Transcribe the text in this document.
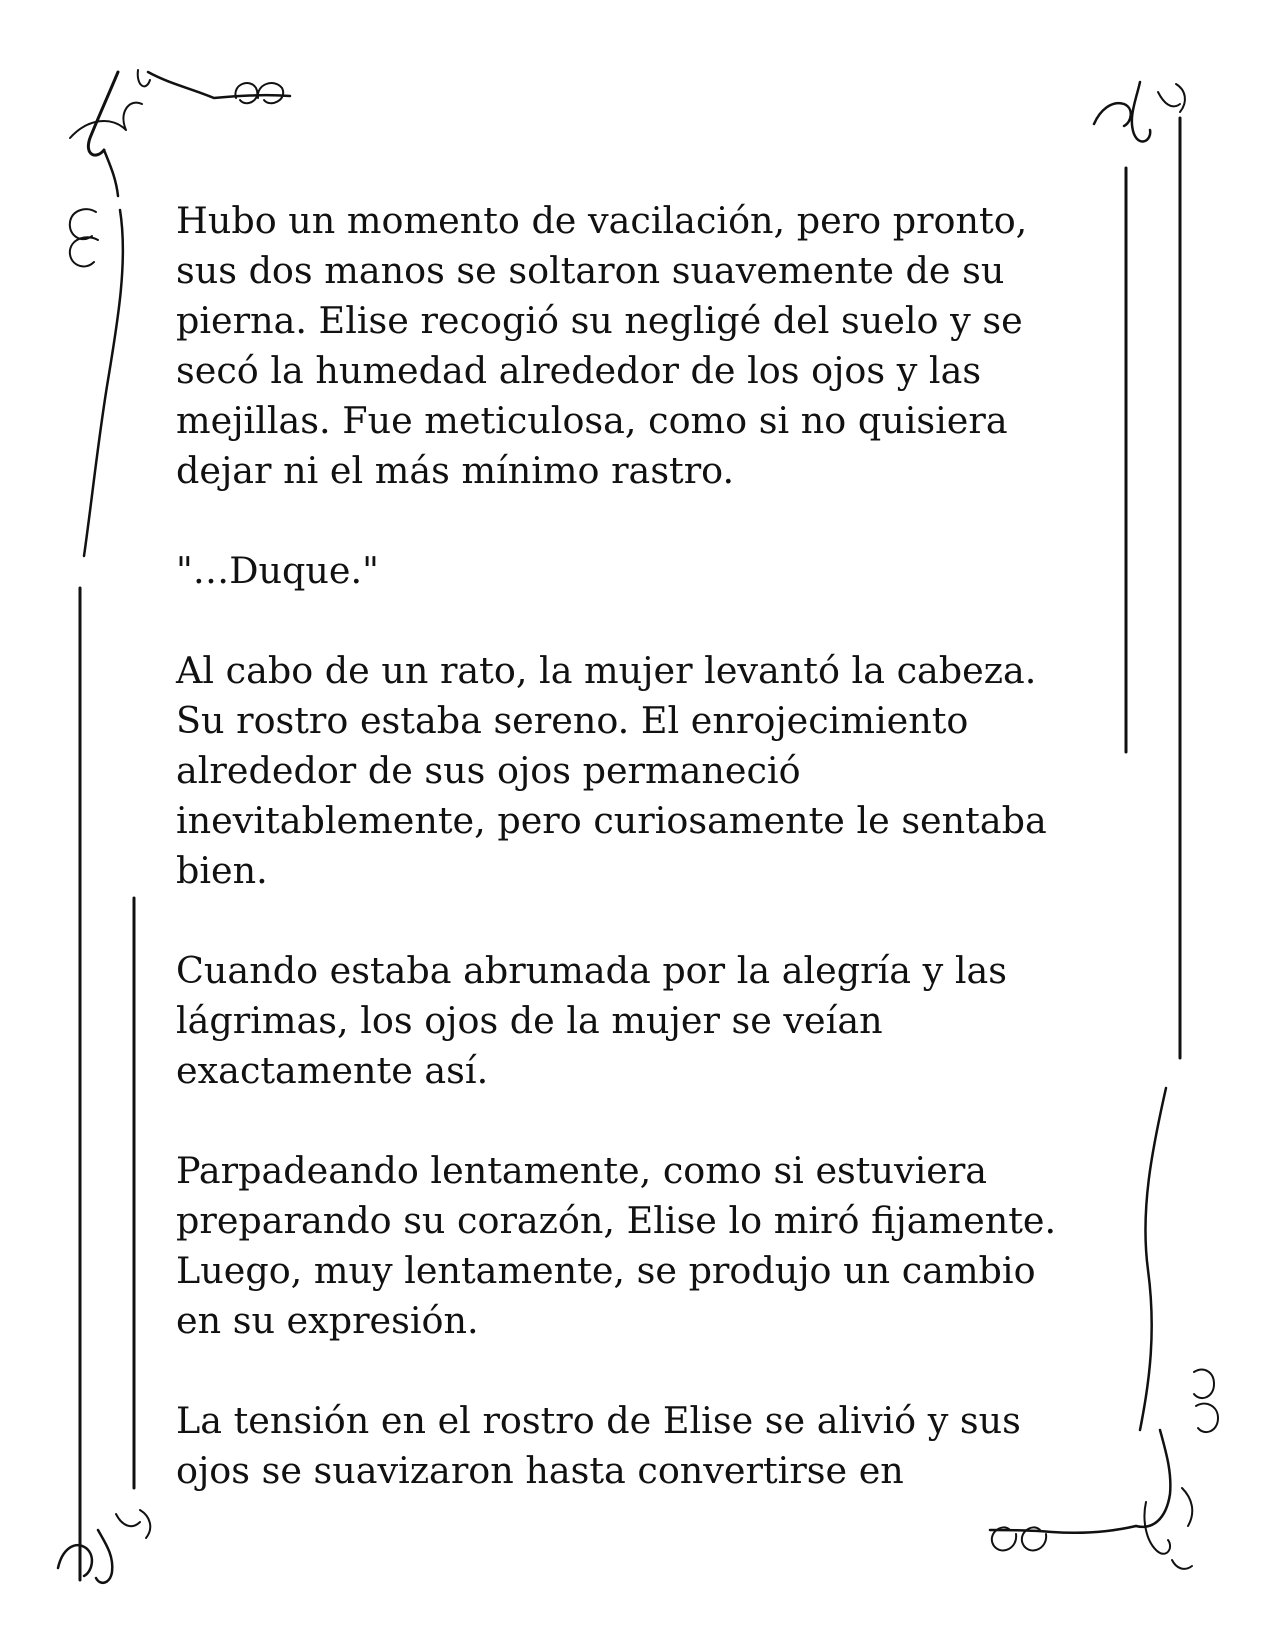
Hubo un momento de vacilación, pero pronto,
sus dos manos se soltaron suavemente de su
pierna. Elise recogió su negligé del suelo y se
secó la humedad alrededor de los ojos y las
mejillas. Fue meticulosa, como si no quisiera
dejar ni el más mínimo rastro.
"…Duque."
Al cabo de un rato, la mujer levantó la cabeza.
Su rostro estaba sereno. El enrojecimiento
alrededor de sus ojos permaneció
inevitablemente, pero curiosamente le sentaba
bien.
Cuando estaba abrumada por la alegría y las
lágrimas, los ojos de la mujer se veían
exactamente así.
Parpadeando lentamente, como si estuviera
preparando su corazón, Elise lo miró fijamente.
Luego, muy lentamente, se produjo un cambio
en su expresión.
La tensión en el rostro de Elise se alivió y sus
ojos se suavizaron hasta convertirse en
